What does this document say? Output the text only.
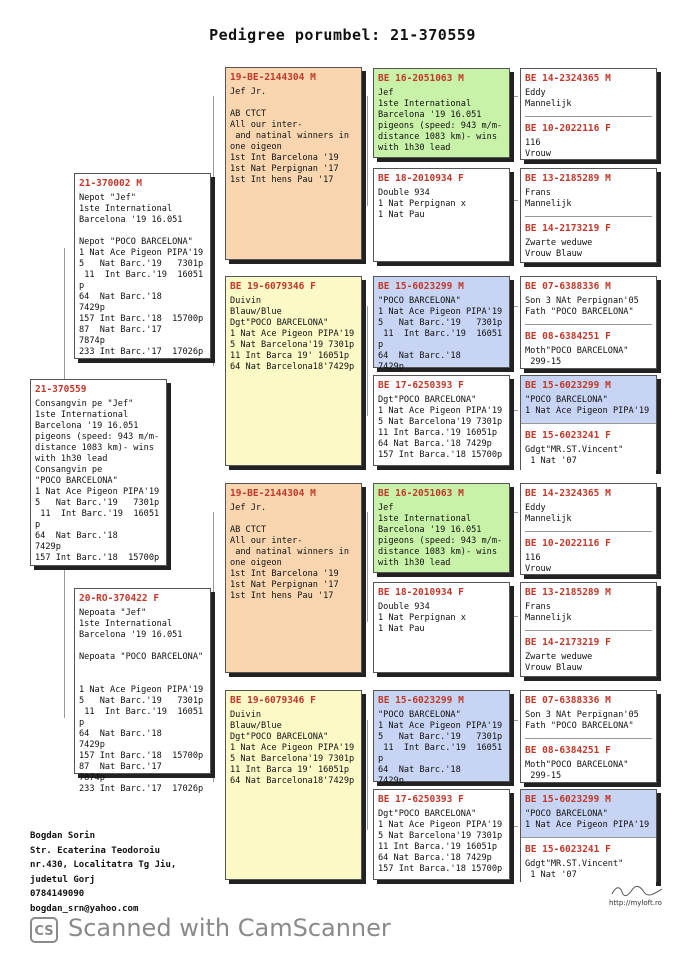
Pedigree porumbel: 21-370559
21-370559
Consangvin pe "Jef"
1ste International
Barcelona '19 16.051
pigeons (speed: 943 m/m-
distance 1083 km)- wins
with 1h30 lead
Consangvin pe
"POCO BARCELONA"
1 Nat Ace Pigeon PIPA'19
5   Nat Barc.'19   7301p
11  Int Barc.'19  16051
p
64  Nat Barc.'18    7429p
157 Int Barc.'18  15700p
21-370002 M
Nepot "Jef"
1ste International
Barcelona '19 16.051

Nepot "POCO BARCELONA"
1 Nat Ace Pigeon PIPA'19
5   Nat Barc.'19   7301p
11  Int Barc.'19  16051
p
64  Nat Barc.'18    7429p
157 Int Barc.'18  15700p
87  Nat Barc.'17    7874p
233 Int Barc.'17  17026p
20-RO-370422 F
Nepoata "Jef"
1ste International
Barcelona '19 16.051

Nepoata "POCO BARCELONA"

1 Nat Ace Pigeon PIPA'19
5   Nat Barc.'19   7301p
11  Int Barc.'19  16051
p
64  Nat Barc.'18    7429p
157 Int Barc.'18  15700p
87  Nat Barc.'17    7874p
233 Int Barc.'17  17026p
19-BE-2144304 M
Jef Jr.

AB CTCT
All our inter-
and natinal winners in
one oigeon
1st Int Barcelona '19
1st Nat Perpignan '17
1st Int hens Pau '17
BE 19-6079346 F
Duivin
Blauw/Blue
Dgt"POCO BARCELONA"
1 Nat Ace Pigeon PIPA'19
5 Nat Barcelona'19 7301p
11 Int Barca 19' 16051p
64 Nat Barcelona18'7429p
19-BE-2144304 M
Jef Jr.

AB CTCT
All our inter-
and natinal winners in
one oigeon
1st Int Barcelona '19
1st Nat Perpignan '17
1st Int hens Pau '17
BE 19-6079346 F
Duivin
Blauw/Blue
Dgt"POCO BARCELONA"
1 Nat Ace Pigeon PIPA'19
5 Nat Barcelona'19 7301p
11 Int Barca 19' 16051p
64 Nat Barcelona18'7429p
BE 16-2051063 M
Jef
1ste International
Barcelona '19 16.051
pigeons (speed: 943 m/m-
distance 1083 km)- wins
with 1h30 lead
BE 18-2010934 F
Double 934
1 Nat Perpignan x
1 Nat Pau
BE 15-6023299 M
"POCO BARCELONA"
1 Nat Ace Pigeon PIPA'19
5   Nat Barc.'19   7301p
11  Int Barc.'19  16051
p
64  Nat Barc.'18    7429p
BE 17-6250393 F
Dgt"POCO BARCELONA"
1 Nat Ace Pigeon PIPA'19
5 Nat Barcelona'19 7301p
11 Int Barca.'19 16051p
64 Nat Barca.'18 7429p
157 Int Barca.'18 15700p
BE 16-2051063 M
Jef
1ste International
Barcelona '19 16.051
pigeons (speed: 943 m/m-
distance 1083 km)- wins
with 1h30 lead
BE 18-2010934 F
Double 934
1 Nat Perpignan x
1 Nat Pau
BE 15-6023299 M
"POCO BARCELONA"
1 Nat Ace Pigeon PIPA'19
5   Nat Barc.'19   7301p
11  Int Barc.'19  16051
p
64  Nat Barc.'18    7429p
BE 17-6250393 F
Dgt"POCO BARCELONA"
1 Nat Ace Pigeon PIPA'19
5 Nat Barcelona'19 7301p
11 Int Barca.'19 16051p
64 Nat Barca.'18 7429p
157 Int Barca.'18 15700p
BE 14-2324365 M
Eddy
Mannelijk
BE 10-2022116 F
116
Vrouw
BE 13-2185289 M
Frans
Mannelijk
BE 14-2173219 F
Zwarte weduwe
Vrouw Blauw
BE 07-6388336 M
Son 3 NAt Perpignan'05
Fath "POCO BARCELONA"
BE 08-6384251 F
Moth"POCO BARCELONA"
299-15
BE 15-6023299 M
"POCO BARCELONA"
1 Nat Ace Pigeon PIPA'19
BE 15-6023241 F
Gdgt"MR.ST.Vincent"
1 Nat '07
BE 14-2324365 M
Eddy
Mannelijk
BE 10-2022116 F
116
Vrouw
BE 13-2185289 M
Frans
Mannelijk
BE 14-2173219 F
Zwarte weduwe
Vrouw Blauw
BE 07-6388336 M
Son 3 NAt Perpignan'05
Fath "POCO BARCELONA"
BE 08-6384251 F
Moth"POCO BARCELONA"
299-15
BE 15-6023299 M
"POCO BARCELONA"
1 Nat Ace Pigeon PIPA'19
BE 15-6023241 F
Gdgt"MR.ST.Vincent"
1 Nat '07
Bogdan Sorin
Str. Ecaterina Teodoroiu
nr.430, Localitatra Tg Jiu,
judetul Gorj
0784149090
bogdan_srn@yahoo.com
http://myloft.ro
CS Scanned with CamScanner
